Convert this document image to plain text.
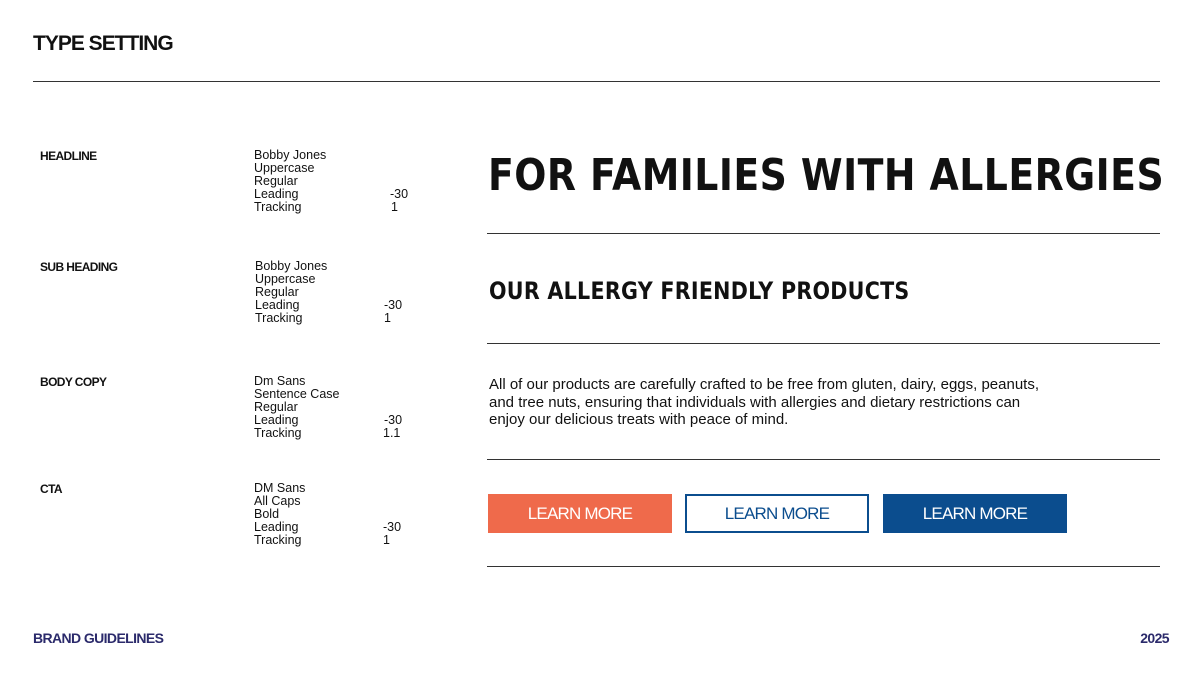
TYPE SETTING
HEADLINE	Bobby Jones
Uppercase
Regular
Leading	-30
Tracking	1
SUB HEADING	Bobby Jones
Uppercase
Regular
Leading	-30
Tracking	1
BODY COPY	Dm Sans
Sentence Case
Regular
Leading	-30
Tracking	1.1
CTA	DM Sans
All Caps
Bold
Leading	-30
Tracking	1
FOR FAMILIES WITH ALLERGIES
OUR ALLERGY FRIENDLY PRODUCTS
All of our products are carefully crafted to be free from gluten, dairy, eggs, peanuts, and tree nuts, ensuring that individuals with allergies and dietary restrictions can enjoy our delicious treats with peace of mind.
LEARN MORE	LEARN MORE	LEARN MORE
BRAND GUIDELINES	2025
